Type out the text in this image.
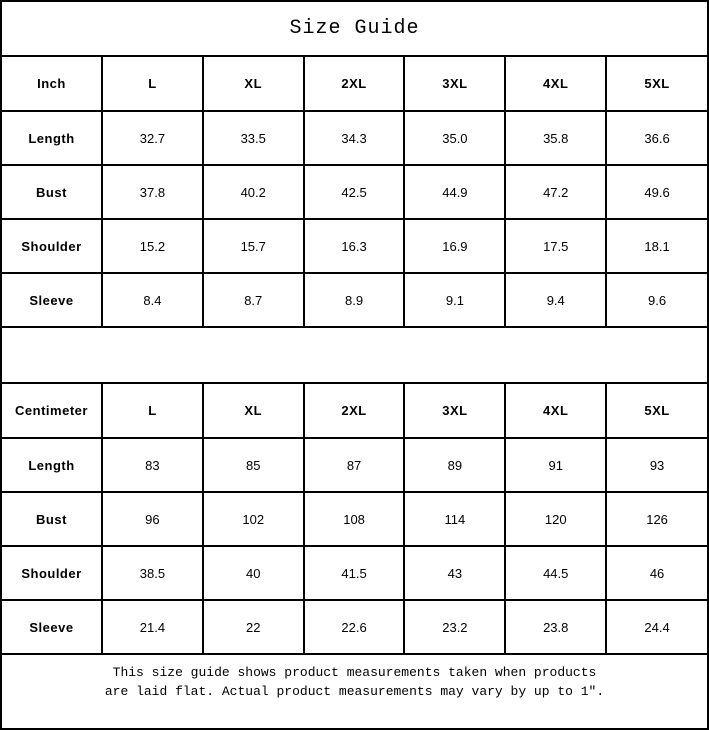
Size Guide
Inch	L	XL	2XL	3XL	4XL	5XL
Length	32.7	33.5	34.3	35.0	35.8	36.6
Bust	37.8	40.2	42.5	44.9	47.2	49.6
Shoulder	15.2	15.7	16.3	16.9	17.5	18.1
Sleeve	8.4	8.7	8.9	9.1	9.4	9.6
Centimeter	L	XL	2XL	3XL	4XL	5XL
Length	83	85	87	89	91	93
Bust	96	102	108	114	120	126
Shoulder	38.5	40	41.5	43	44.5	46
Sleeve	21.4	22	22.6	23.2	23.8	24.4
This size guide shows product measurements taken when products
are laid flat. Actual product measurements may vary by up to 1″.
